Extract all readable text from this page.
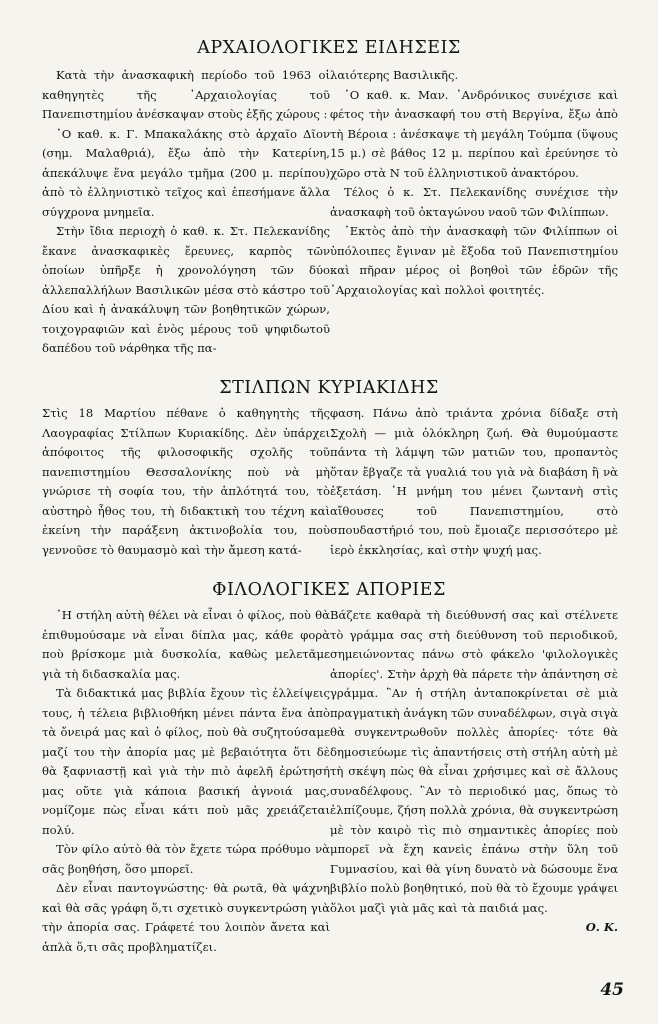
ΑΡΧΑΙΟΛΟΓΙΚΕΣ ΕΙΔΗΣΕΙΣ

Κατὰ τὴν ἀνασκαφικὴ περίοδο τοῦ 1963 οἱ καθηγητὲς τῆς ᾿Αρχαιολογίας τοῦ Πανεπιστημίου ἀνέσκαψαν στοὺς ἑξῆς χώρους :

῾Ο καθ. κ. Γ. Μπακαλάκης στὸ ἀρχαῖο Δῖον (σημ. Μαλαθριά), ἔξω ἀπὸ τὴν Κατερίνη, ἀπεκάλυψε ἕνα μεγάλο τμῆμα (200 μ. περίπου) ἀπὸ τὸ ἑλληνιστικὸ τεῖχος καὶ ἐπεσήμανε ἄλλα σύγχρονα μνημεῖα.

Στὴν ἴδια περιοχὴ ὁ καθ. κ. Στ. Πελεκανίδης ἔκανε ἀνασκαφικὲς ἔρευνες, καρπὸς τῶν ὁποίων ὑπῆρξε ἡ χρονολόγηση τῶν δύο ἀλλεπαλλήλων Βασιλικῶν μέσα στὸ κάστρο τοῦ Δίου καὶ ἡ ἀνακάλυψη τῶν βοηθητικῶν χώρων, τοιχογραφιῶν καὶ ἑνὸς μέρους τοῦ ψηφιδωτοῦ δαπέδου τοῦ νάρθηκα τῆς πα-

λαιότερης Βασιλικῆς.

῾Ο καθ. κ. Μαν. ᾿Ανδρόνικος συνέχισε καὶ φέτος τὴν ἀνασκαφή του στὴ Βεργίνα, ἔξω ἀπὸ τὴ Βέροια : ἀνέσκαψε τὴ μεγάλη Τούμπα (ὕψους 15 μ.) σὲ βάθος 12 μ. περίπου καὶ ἐρεύνησε τὸ χῶρο στὰ Ν τοῦ ἑλληνιστικοῦ ἀνακτόρου.

Τέλος ὁ κ. Στ. Πελεκανίδης συνέχισε τὴν ἀνασκαφὴ τοῦ ὀκταγώνου ναοῦ τῶν Φιλίππων.

᾿Εκτὸς ἀπὸ τὴν ἀνασκαφὴ τῶν Φιλίππων οἱ ὑπόλοιπες ἔγιναν μὲ ἔξοδα τοῦ Πανεπιστημίου καὶ πῆραν μέρος οἱ βοηθοὶ τῶν ἑδρῶν τῆς ᾿Αρχαιολογίας καὶ πολλοὶ φοιτητές.

ΣΤΙΛΠΩΝ ΚΥΡΙΑΚΙΔΗΣ

Στὶς 18 Μαρτίου πέθανε ὁ καθηγητὴς τῆς Λαογραφίας Στίλπων Κυριακίδης. Δὲν ὑπάρχει ἀπόφοιτος τῆς φιλοσοφικῆς σχολῆς τοῦ πανεπιστημίου Θεσσαλονίκης ποὺ νὰ μὴ γνώρισε τὴ σοφία του, τὴν ἁπλότητά του, τὸ αὐστηρὸ ἦθος του, τὴ διδακτικὴ του τέχνη καὶ ἐκείνη τὴν παράξενη ἀκτινοβολία του, ποὺ γεννοῦσε τὸ θαυμασμὸ καὶ τὴν ἄμεση κατά-

φαση. Πάνω ἀπὸ τριάντα χρόνια δίδαξε στὴ Σχολὴ — μιὰ ὁλόκληρη ζωή. Θὰ θυμούμαστε πάντα τὴ λάμψη τῶν ματιῶν του, προπαντὸς ὅταν ἔβγαζε τὰ γυαλιά του γιὰ νὰ διαβάση ἢ νὰ ἐξετάση. ῾Η μνήμη του μένει ζωντανὴ στὶς αἴθουσες τοῦ Πανεπιστημίου, στὸ σπουδαστήριό του, ποὺ ἔμοιαζε περισσότερο μὲ ἱερὸ ἐκκλησίας, καὶ στὴν ψυχή μας.

ΦΙΛΟΛΟΓΙΚΕΣ ΑΠΟΡΙΕΣ

῾Η στήλη αὐτὴ θέλει νὰ εἶναι ὁ φίλος, ποὺ θὰ ἐπιθυμούσαμε νὰ εἶναι δίπλα μας, κάθε φορὰ ποὺ βρίσκομε μιὰ δυσκολία, καθὼς μελετᾶμε γιὰ τὴ διδασκαλία μας.

Τὰ διδακτικά μας βιβλία ἔχουν τὶς ἐλλείψεις τους, ἡ τέλεια βιβλιοθήκη μένει πάντα ἕνα ἀπὸ τὰ ὄνειρά μας καὶ ὁ φίλος, ποὺ θὰ συζητούσαμε μαζί του τὴν ἀπορία μας μὲ βεβαιότητα ὅτι δὲ θὰ ξαφνιαστῇ καὶ γιὰ τὴν πιὸ ἀφελῆ ἐρώτησή μας οὔτε γιὰ κάποια βασική ἀγνοιά μας, νομίζομε πὼς εἶναι κάτι ποὺ μᾶς χρειάζεται πολύ.

Τὸν φίλο αὐτὸ θὰ τὸν ἔχετε τώρα πρόθυμο νὰ σᾶς βοηθήση, ὅσο μπορεῖ.

Δὲν εἶναι παντογνώστης· θὰ ρωτᾶ, θὰ ψάχνη καὶ θὰ σᾶς γράφη ὅ,τι σχετικὸ συγκεντρώση γιὰ τὴν ἀπορία σας. Γράφετέ του λοιπὸν ἄνετα καὶ ἁπλὰ ὅ,τι σᾶς προβληματίζει.

Βάζετε καθαρὰ τὴ διεύθυνσή σας καὶ στέλνετε τὸ γράμμα σας στὴ διεύθυνση τοῦ περιοδικοῦ, σημειώνοντας πάνω στὸ φάκελο 'φιλολογικὲς ἀπορίες'. Στὴν ἀρχὴ θὰ πάρετε τὴν ἀπάντηση σὲ γράμμα. ῍Αν ἡ στήλη ἀνταποκρίνεται σὲ μιὰ πραγματικὴ ἀνάγκη τῶν συναδέλφων, σιγὰ σιγὰ θὰ συγκεντρωθοῦν πολλὲς ἀπορίες· τότε θὰ δημοσιεύωμε τὶς ἀπαντήσεις στὴ στήλη αὐτὴ μὲ τὴ σκέψη πὼς θὰ εἶναι χρήσιμες καὶ σὲ ἄλλους συναδέλφους. ῍Αν τὸ περιοδικό μας, ὅπως τὸ ἐλπίζουμε, ζήση πολλὰ χρόνια, θὰ συγκεντρώση μὲ τὸν καιρὸ τὶς πιὸ σημαντικὲς ἀπορίες ποὺ μπορεῖ νὰ ἔχη κανεὶς ἐπάνω στὴν ὕλη τοῦ Γυμνασίου, καὶ θὰ γίνη δυνατὸ νὰ δώσουμε ἕνα βιβλίο πολὺ βοηθητικό, ποὺ θὰ τὸ ἔχουμε γράψει ὅλοι μαζὶ γιὰ μᾶς καὶ τὰ παιδιά μας.

Ο. Κ.
45
